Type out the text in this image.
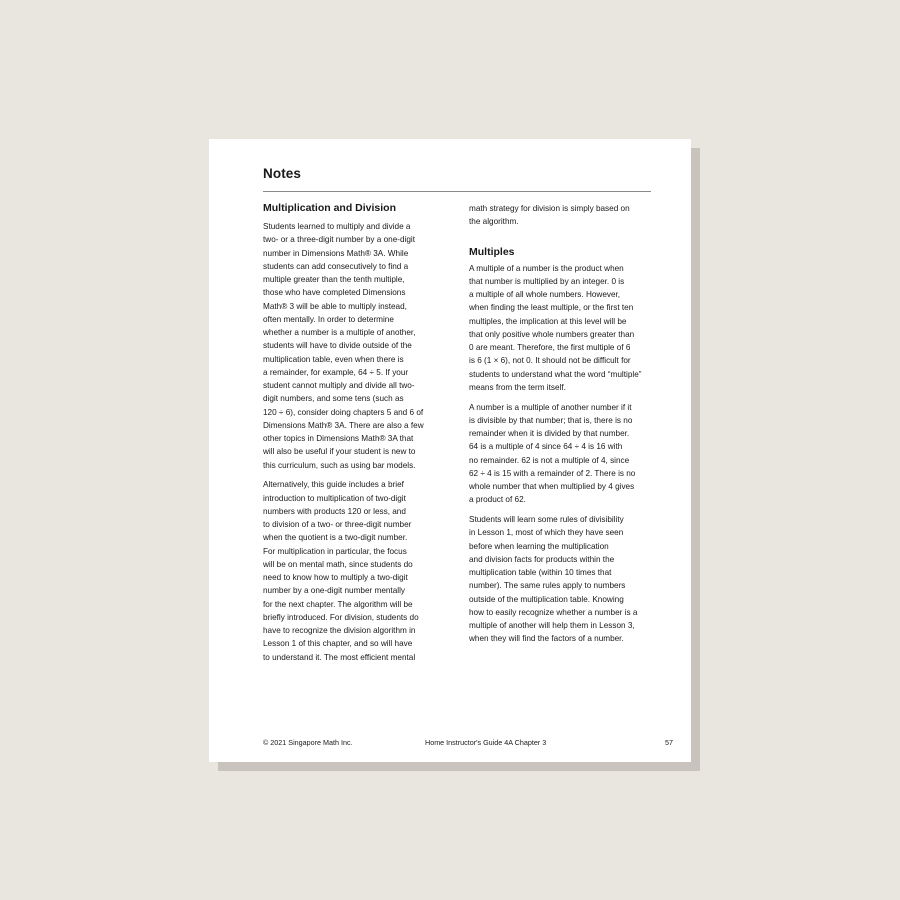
Notes
Multiplication and Division

Students learned to multiply and divide a
two- or a three-digit number by a one-digit
number in Dimensions Math® 3A. While
students can add consecutively to find a
multiple greater than the tenth multiple,
those who have completed Dimensions
Math® 3 will be able to multiply instead,
often mentally. In order to determine
whether a number is a multiple of another,
students will have to divide outside of the
multiplication table, even when there is
a remainder, for example, 64 ÷ 5. If your
student cannot multiply and divide all two-
digit numbers, and some tens (such as
120 ÷ 6), consider doing chapters 5 and 6 of
Dimensions Math® 3A. There are also a few
other topics in Dimensions Math® 3A that
will also be useful if your student is new to
this curriculum, such as using bar models.

Alternatively, this guide includes a brief
introduction to multiplication of two-digit
numbers with products 120 or less, and
to division of a two- or three-digit number
when the quotient is a two-digit number.
For multiplication in particular, the focus
will be on mental math, since students do
need to know how to multiply a two-digit
number by a one-digit number mentally
for the next chapter. The algorithm will be
briefly introduced. For division, students do
have to recognize the division algorithm in
Lesson 1 of this chapter, and so will have
to understand it. The most efficient mental

math strategy for division is simply based on
the algorithm.

Multiples

A multiple of a number is the product when
that number is multiplied by an integer. 0 is
a multiple of all whole numbers. However,
when finding the least multiple, or the first ten
multiples, the implication at this level will be
that only positive whole numbers greater than
0 are meant. Therefore, the first multiple of 6
is 6 (1 × 6), not 0. It should not be difficult for
students to understand what the word “multiple”
means from the term itself.

A number is a multiple of another number if it
is divisible by that number; that is, there is no
remainder when it is divided by that number.
64 is a multiple of 4 since 64 ÷ 4 is 16 with
no remainder. 62 is not a multiple of 4, since
62 ÷ 4 is 15 with a remainder of 2. There is no
whole number that when multiplied by 4 gives
a product of 62.

Students will learn some rules of divisibility
in Lesson 1, most of which they have seen
before when learning the multiplication
and division facts for products within the
multiplication table (within 10 times that
number). The same rules apply to numbers
outside of the multiplication table. Knowing
how to easily recognize whether a number is a
multiple of another will help them in Lesson 3,
when they will find the factors of a number.

© 2021 Singapore Math Inc.	Home Instructor's Guide 4A Chapter 3	57
